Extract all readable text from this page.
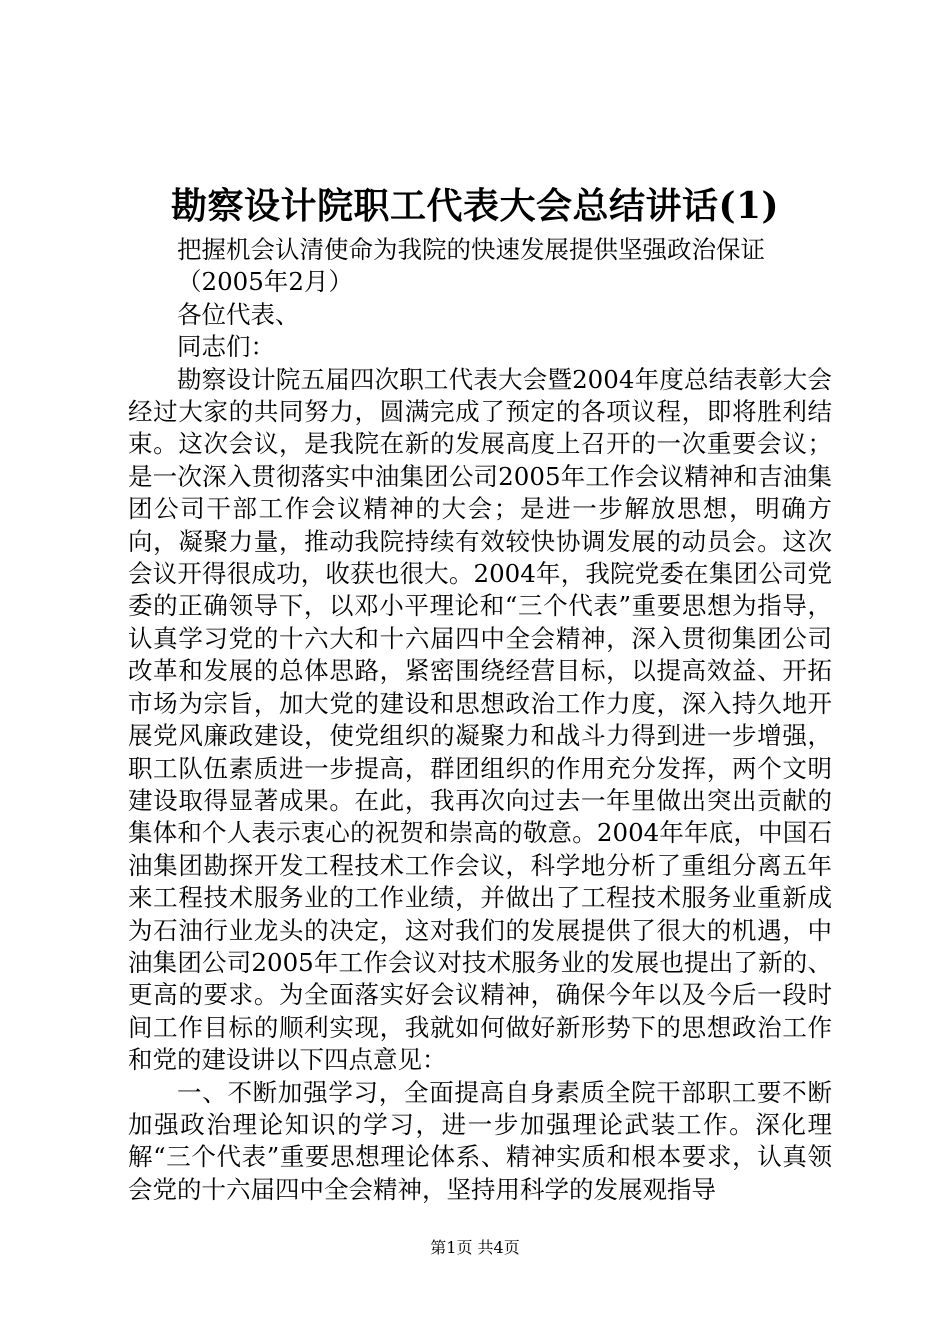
勘察设计院职工代表大会总结讲话(1)

把握机会认清使命为我院的快速发展提供坚强政治保证

（2005年2月）

各位代表、

同志们：

勘察设计院五届四次职工代表大会暨2004年度总结表彰大会经过大家的共同努力，圆满完成了预定的各项议程，即将胜利结束。这次会议，是我院在新的发展高度上召开的一次重要会议；是一次深入贯彻落实中油集团公司2005年工作会议精神和吉油集团公司干部工作会议精神的大会；是进一步解放思想，明确方向，凝聚力量，推动我院持续有效较快协调发展的动员会。这次会议开得很成功，收获也很大。2004年，我院党委在集团公司党委的正确领导下，以邓小平理论和“三个代表”重要思想为指导，认真学习党的十六大和十六届四中全会精神，深入贯彻集团公司改革和发展的总体思路，紧密围绕经营目标，以提高效益、开拓市场为宗旨，加大党的建设和思想政治工作力度，深入持久地开展党风廉政建设，使党组织的凝聚力和战斗力得到进一步增强，职工队伍素质进一步提高，群团组织的作用充分发挥，两个文明建设取得显著成果。在此，我再次向过去一年里做出突出贡献的集体和个人表示衷心的祝贺和崇高的敬意。2004年年底，中国石油集团勘探开发工程技术工作会议，科学地分析了重组分离五年来工程技术服务业的工作业绩，并做出了工程技术服务业重新成为石油行业龙头的决定，这对我们的发展提供了很大的机遇，中油集团公司2005年工作会议对技术服务业的发展也提出了新的、更高的要求。为全面落实好会议精神，确保今年以及今后一段时间工作目标的顺利实现，我就如何做好新形势下的思想政治工作和党的建设讲以下四点意见：

一、不断加强学习，全面提高自身素质全院干部职工要不断加强政治理论知识的学习，进一步加强理论武装工作。深化理解“三个代表”重要思想理论体系、精神实质和根本要求，认真领会党的十六届四中全会精神，坚持用科学的发展观指导

第1页 共4页
